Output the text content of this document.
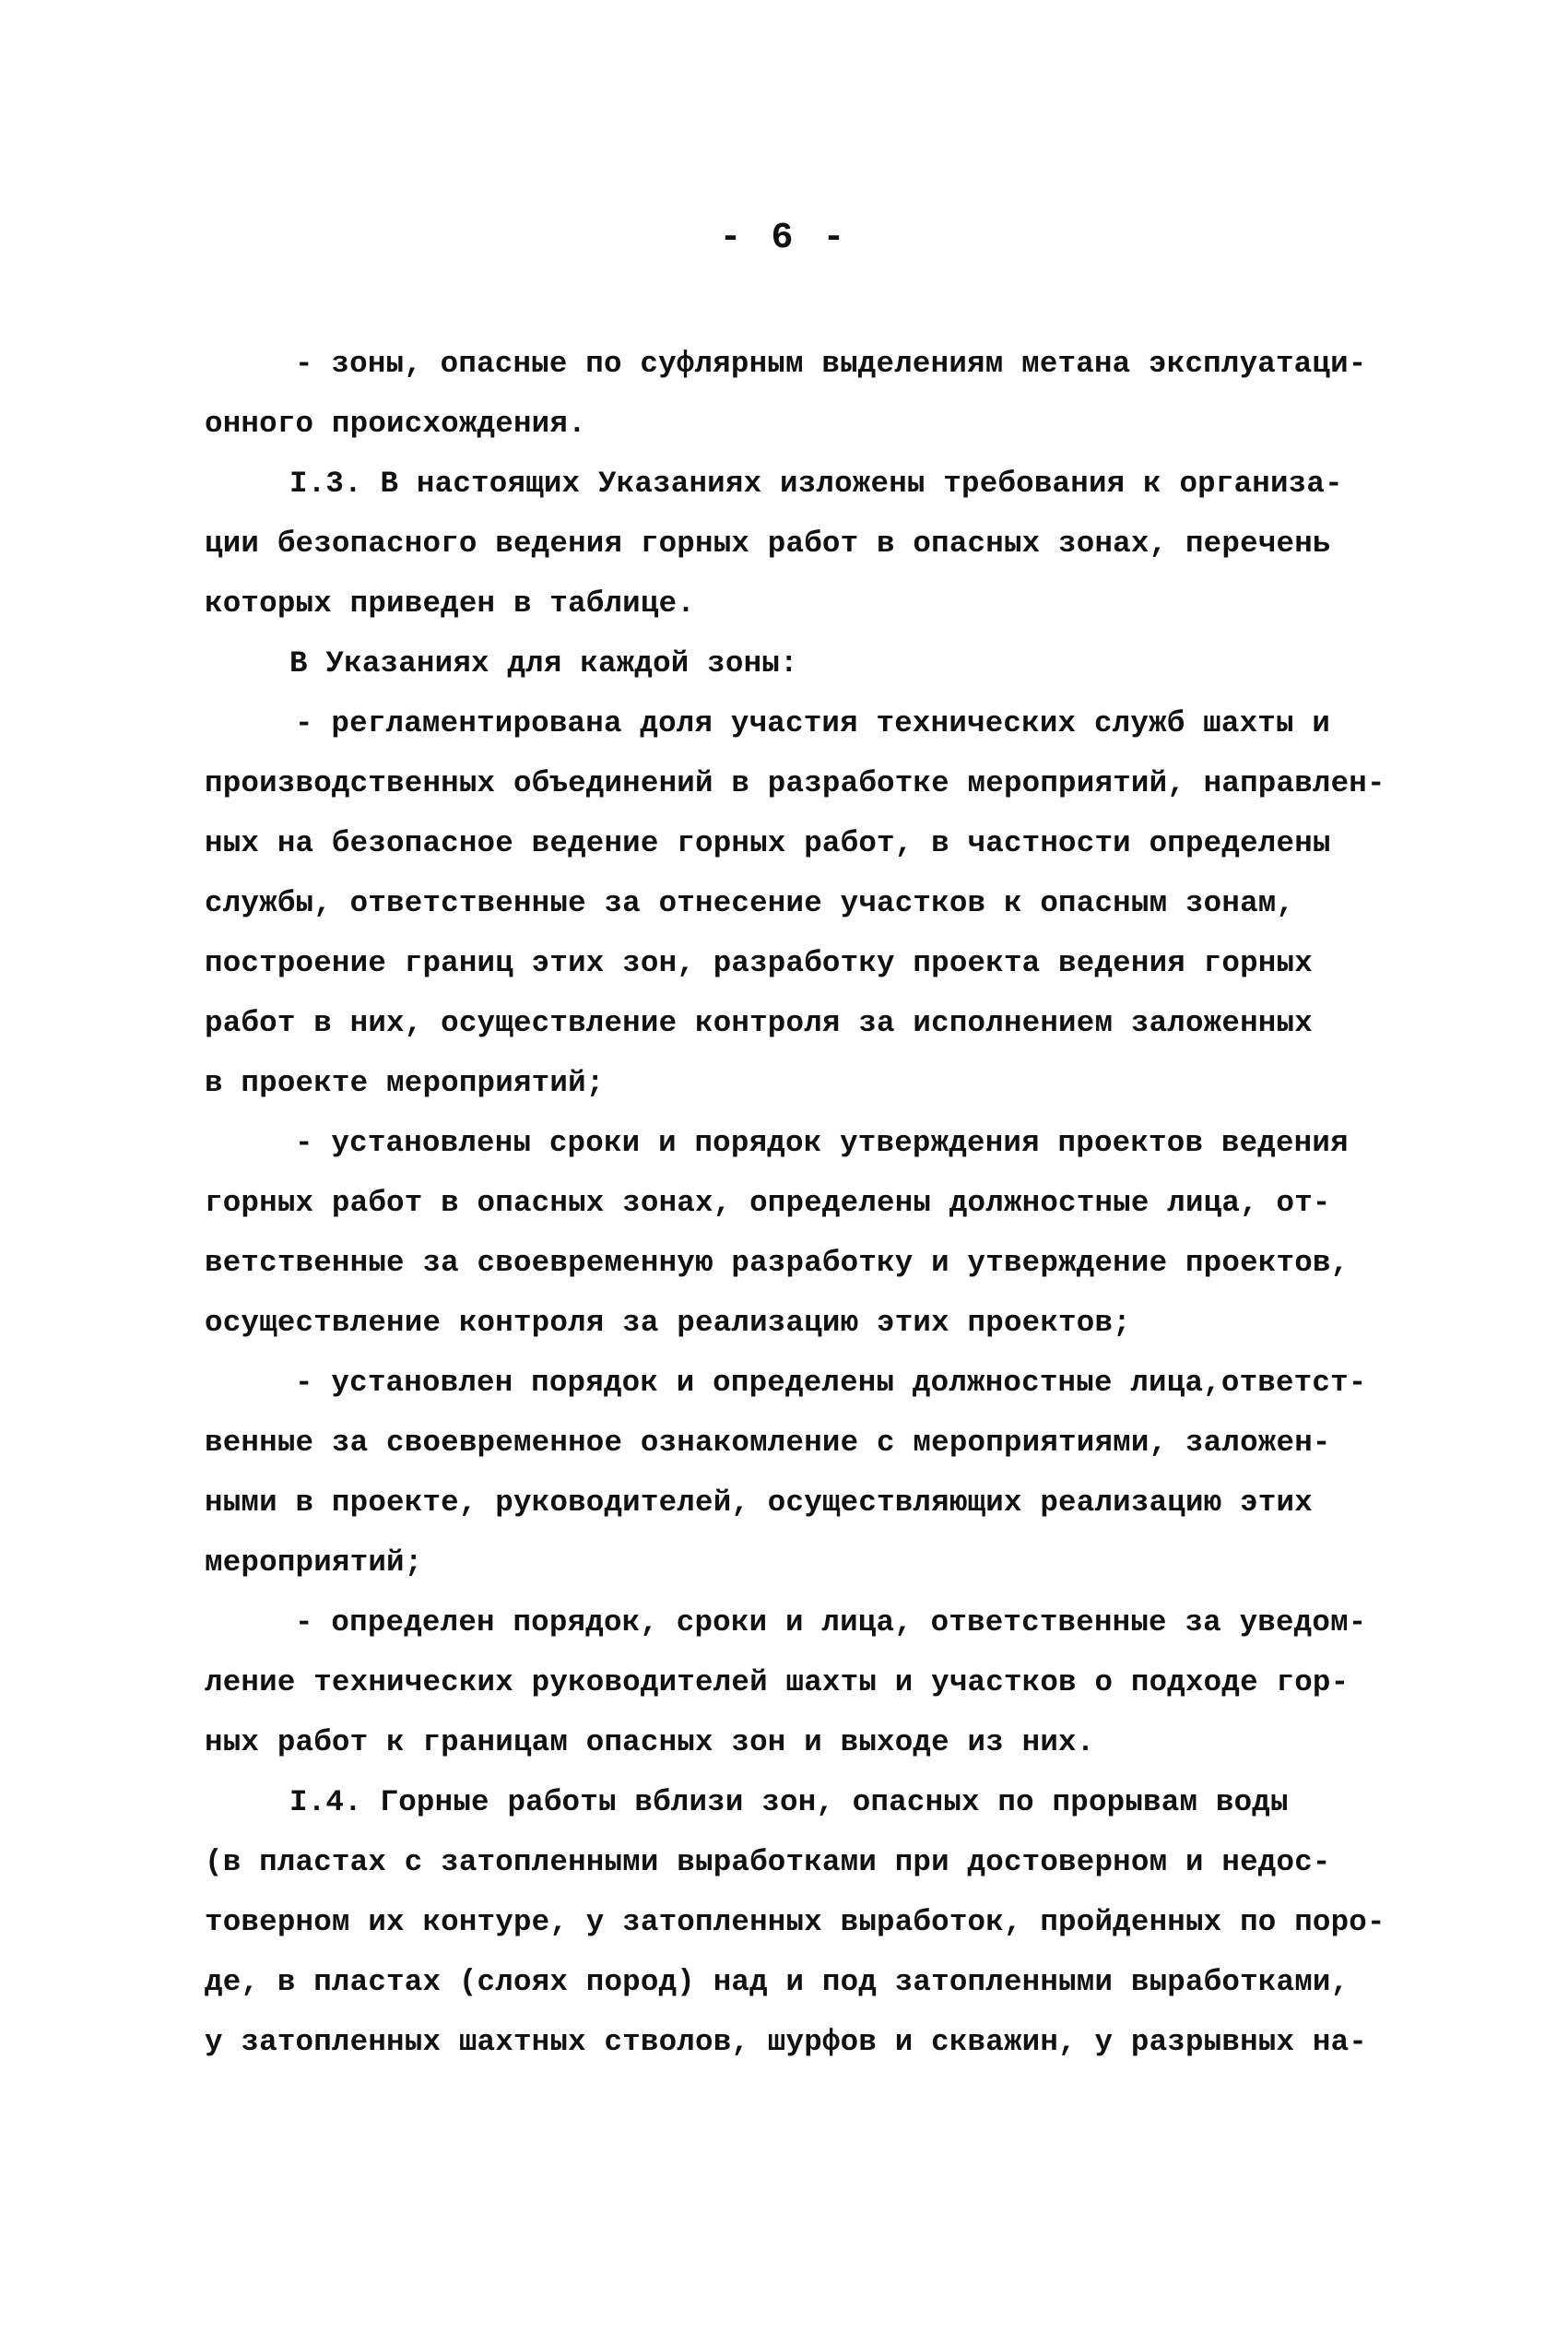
- 6 -
- зоны, опасные по суфлярным выделениям метана эксплуатаци-
онного происхождения.
I.3. В настоящих Указаниях изложены требования к организа-
ции безопасного ведения горных работ в опасных зонах, перечень
которых приведен в таблице.
В Указаниях для каждой зоны:
- регламентирована доля участия технических служб шахты и
производственных объединений в разработке мероприятий, направлен-
ных на безопасное ведение горных работ, в частности определены
службы, ответственные за отнесение участков к опасным зонам,
построение границ этих зон, разработку проекта ведения горных
работ в них, осуществление контроля за исполнением заложенных
в проекте мероприятий;
- установлены сроки и порядок утверждения проектов ведения
горных работ в опасных зонах, определены должностные лица, от-
ветственные за своевременную разработку и утверждение проектов,
осуществление контроля за реализацию этих проектов;
- установлен порядок и определены должностные лица,ответст-
венные за своевременное ознакомление с мероприятиями, заложен-
ными в проекте, руководителей, осуществляющих реализацию этих
мероприятий;
- определен порядок, сроки и лица, ответственные за уведом-
ление технических руководителей шахты и участков о подходе гор-
ных работ к границам опасных зон и выходе из них.
I.4. Горные работы вблизи зон, опасных по прорывам воды
(в пластах с затопленными выработками при достоверном и недос-
товерном их контуре, у затопленных выработок, пройденных по поро-
де, в пластах (слоях пород) над и под затопленными выработками,
у затопленных шахтных стволов, шурфов и скважин, у разрывных на-
